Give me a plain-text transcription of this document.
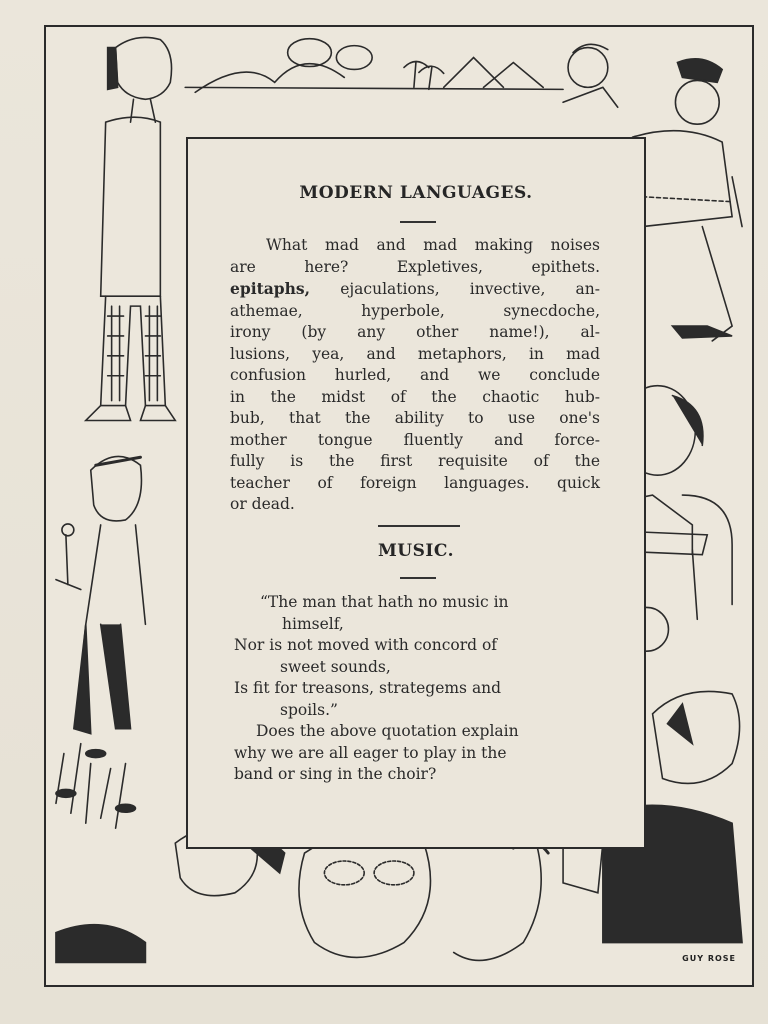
MODERN LANGUAGES.
What mad and mad making noises
are here? Expletives, epithets.
epitaphs, ejaculations, invective, an-
athemae, hyperbole, synecdoche,
irony (by any other name!), al-
lusions, yea, and metaphors, in mad
confusion hurled, and we conclude
in the midst of the chaotic hub-
bub, that the ability to use one's
mother tongue fluently and force-
fully is the first requisite of the
teacher of foreign languages. quick
or dead.
MUSIC.
“The man that hath no music in
himself,
Nor is not moved with concord of
sweet sounds,
Is fit for treasons, strategems and
spoils.”
Does the above quotation explain
why we are all eager to play in the
band or sing in the choir?
GUY ROSE
